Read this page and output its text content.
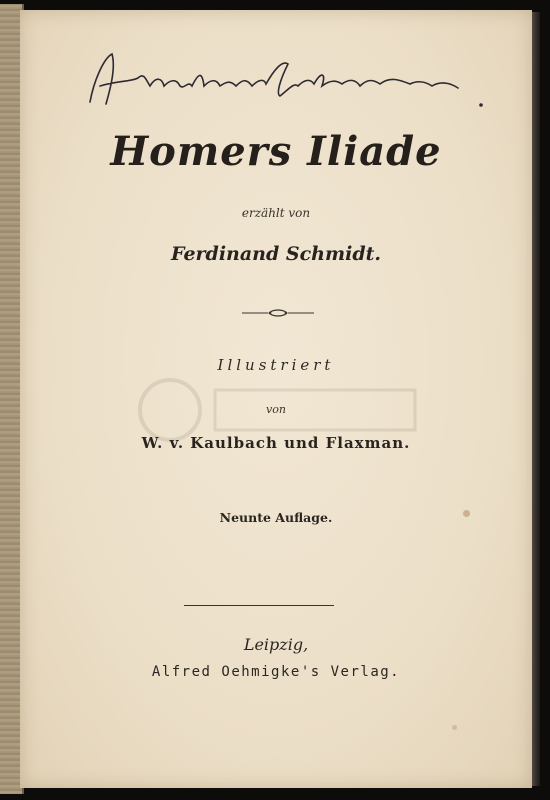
Homers Iliade
erzählt von
Ferdinand Schmidt.
Illustriert
von
W. v. Kaulbach und Flaxman.
Neunte Auflage.
Leipzig,
Alfred Oehmigke's Verlag.
